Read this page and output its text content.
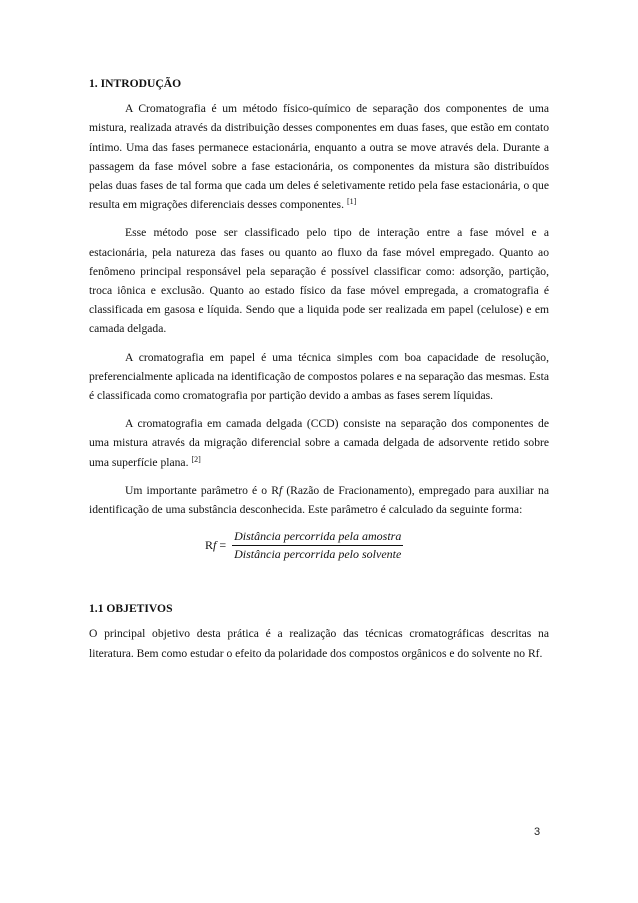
1. INTRODUÇÃO

A Cromatografia é um método físico-químico de separação dos componentes de uma mistura, realizada através da distribuição desses componentes em duas fases, que estão em contato íntimo. Uma das fases permanece estacionária, enquanto a outra se move através dela. Durante a passagem da fase móvel sobre a fase estacionária, os componentes da mistura são distribuídos pelas duas fases de tal forma que cada um deles é seletivamente retido pela fase estacionária, o que resulta em migrações diferenciais desses componentes. [1]

Esse método pose ser classificado pelo tipo de interação entre a fase móvel e a estacionária, pela natureza das fases ou quanto ao fluxo da fase móvel empregado. Quanto ao fenômeno principal responsável pela separação é possível classificar como: adsorção, partição, troca iônica e exclusão. Quanto ao estado físico da fase móvel empregada, a cromatografia é classificada em gasosa e líquida. Sendo que a liquida pode ser realizada em papel (celulose) e em camada delgada.

A cromatografia em papel é uma técnica simples com boa capacidade de resolução, preferencialmente aplicada na identificação de compostos polares e na separação das mesmas. Esta é classificada como cromatografia por partição devido a ambas as fases serem líquidas.

A cromatografia em camada delgada (CCD) consiste na separação dos componentes de uma mistura através da migração diferencial sobre a camada delgada de adsorvente retido sobre uma superfície plana. [2]

Um importante parâmetro é o Rf (Razão de Fracionamento), empregado para auxiliar na identificação de uma substância desconhecida. Este parâmetro é calculado da seguinte forma:

$Rf = \frac{\text{Distância percorrida pela amostra}}{\text{Distância percorrida pelo solvente}}$
1.1 OBJETIVOS

O principal objetivo desta prática é a realização das técnicas cromatográficas descritas na literatura. Bem como estudar o efeito da polaridade dos compostos orgânicos e do solvente no Rf.

3
